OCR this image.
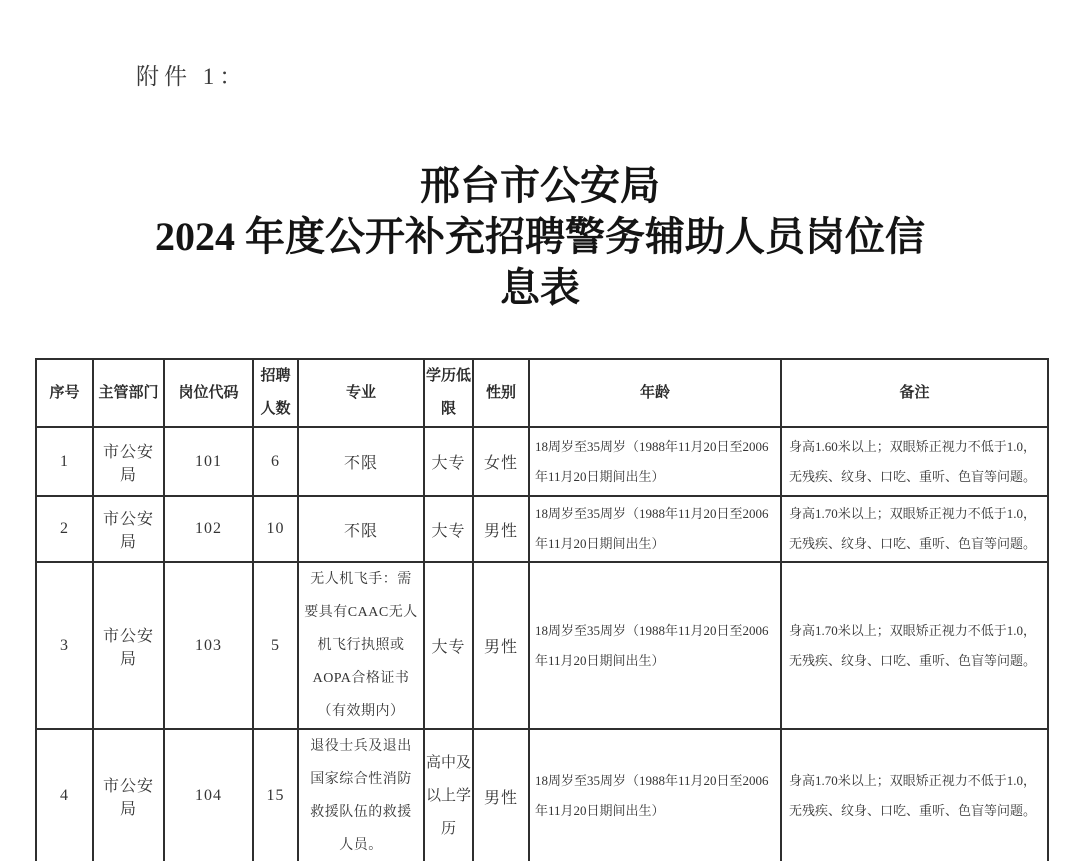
附件 1：
邢台市公安局
2024 年度公开补充招聘警务辅助人员岗位信
息表
序号	主管部门	岗位代码	招聘人数	专业	学历低限	性别	年龄	备注
1	市公安局	101	6	不限	大专	女性	18周岁至35周岁（1988年11月20日至2006年11月20日期间出生）	身高1.60米以上；双眼矫正视力不低于1.0，无残疾、纹身、口吃、重听、色盲等问题。
2	市公安局	102	10	不限	大专	男性	18周岁至35周岁（1988年11月20日至2006年11月20日期间出生）	身高1.70米以上；双眼矫正视力不低于1.0，无残疾、纹身、口吃、重听、色盲等问题。
3	市公安局	103	5	无人机飞手：需要具有CAAC无人机飞行执照或AOPA合格证书（有效期内）	大专	男性	18周岁至35周岁（1988年11月20日至2006年11月20日期间出生）	身高1.70米以上；双眼矫正视力不低于1.0，无残疾、纹身、口吃、重听、色盲等问题。
4	市公安局	104	15	退役士兵及退出国家综合性消防救援队伍的救援人员。	高中及以上学历	男性	18周岁至35周岁（1988年11月20日至2006年11月20日期间出生）	身高1.70米以上；双眼矫正视力不低于1.0，无残疾、纹身、口吃、重听、色盲等问题。
